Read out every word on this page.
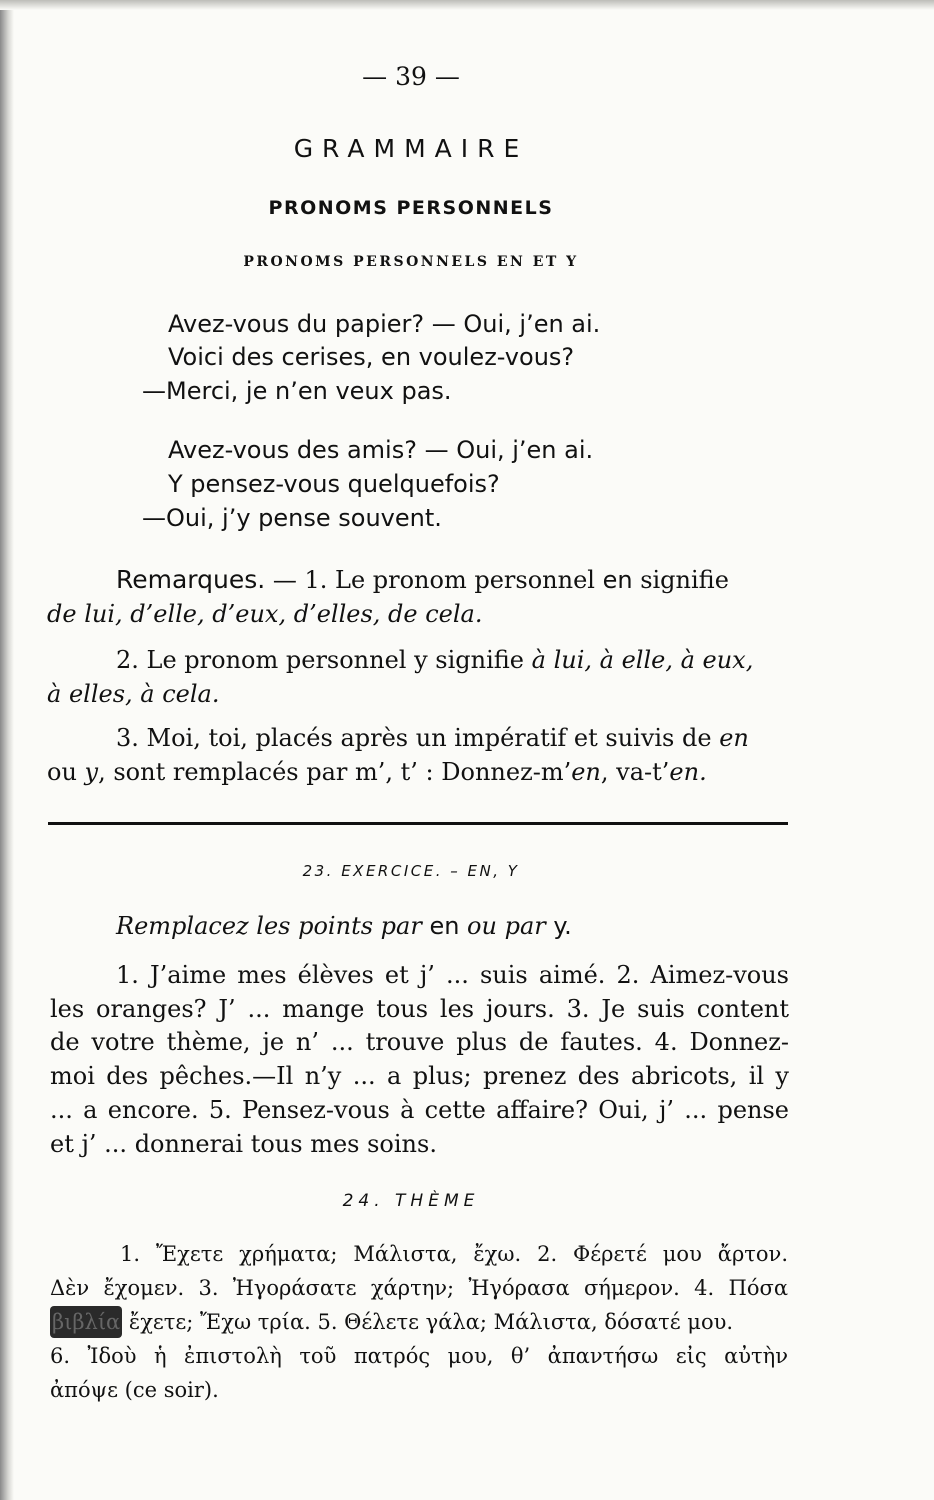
— 39 —
GRAMMAIRE
PRONOMS PERSONNELS
PRONOMS PERSONNELS EN ET Y
Avez-vous du papier? — Oui, j’en ai.
Voici des cerises, en voulez-vous?
—Merci, je n’en veux pas.
Avez-vous des amis? — Oui, j’en ai.
Y pensez-vous quelquefois?
—Oui, j’y pense souvent.
Remarques. — 1. Le pronom personnel en signifie
de lui, d’elle, d’eux, d’elles, de cela.
2. Le pronom personnel y signifie à lui, à elle, à eux,
à elles, à cela.
3. Moi, toi, placés après un impératif et suivis de en
ou y, sont remplacés par m’, t’ : Donnez-m’en, va-t’en.
23. EXERCICE. – EN, Y
Remplacez les points par en ou par y.
1. J’aime mes élèves et j’ ... suis aimé. 2. Aimez-vous
les oranges? J’ ... mange tous les jours. 3. Je suis content
de votre thème, je n’ ... trouve plus de fautes. 4. Donnez-
moi des pêches.—Il n’y ... a plus; prenez des abricots, il y
... a encore. 5. Pensez-vous à cette affaire? Oui, j’ ... pense
et j’ ... donnerai tous mes soins.
24. THÈME
1. Ἔχετε χρήματα; Μάλιστα, ἔχω. 2. Φέρετέ μου ἄρτον.
Δὲν ἔχομεν. 3. Ἠγοράσατε χάρτην; Ἠγόρασα σήμερον. 4. Πόσα
βιβλία ἔχετε; Ἔχω τρία. 5. Θέλετε γάλα; Μάλιστα, δόσατέ μου.
6. Ἰδοὺ ἡ ἐπιστολὴ τοῦ πατρός μου, θ’ ἀπαντήσω εἰς αὐτὴν
ἀπόψε (ce soir).
